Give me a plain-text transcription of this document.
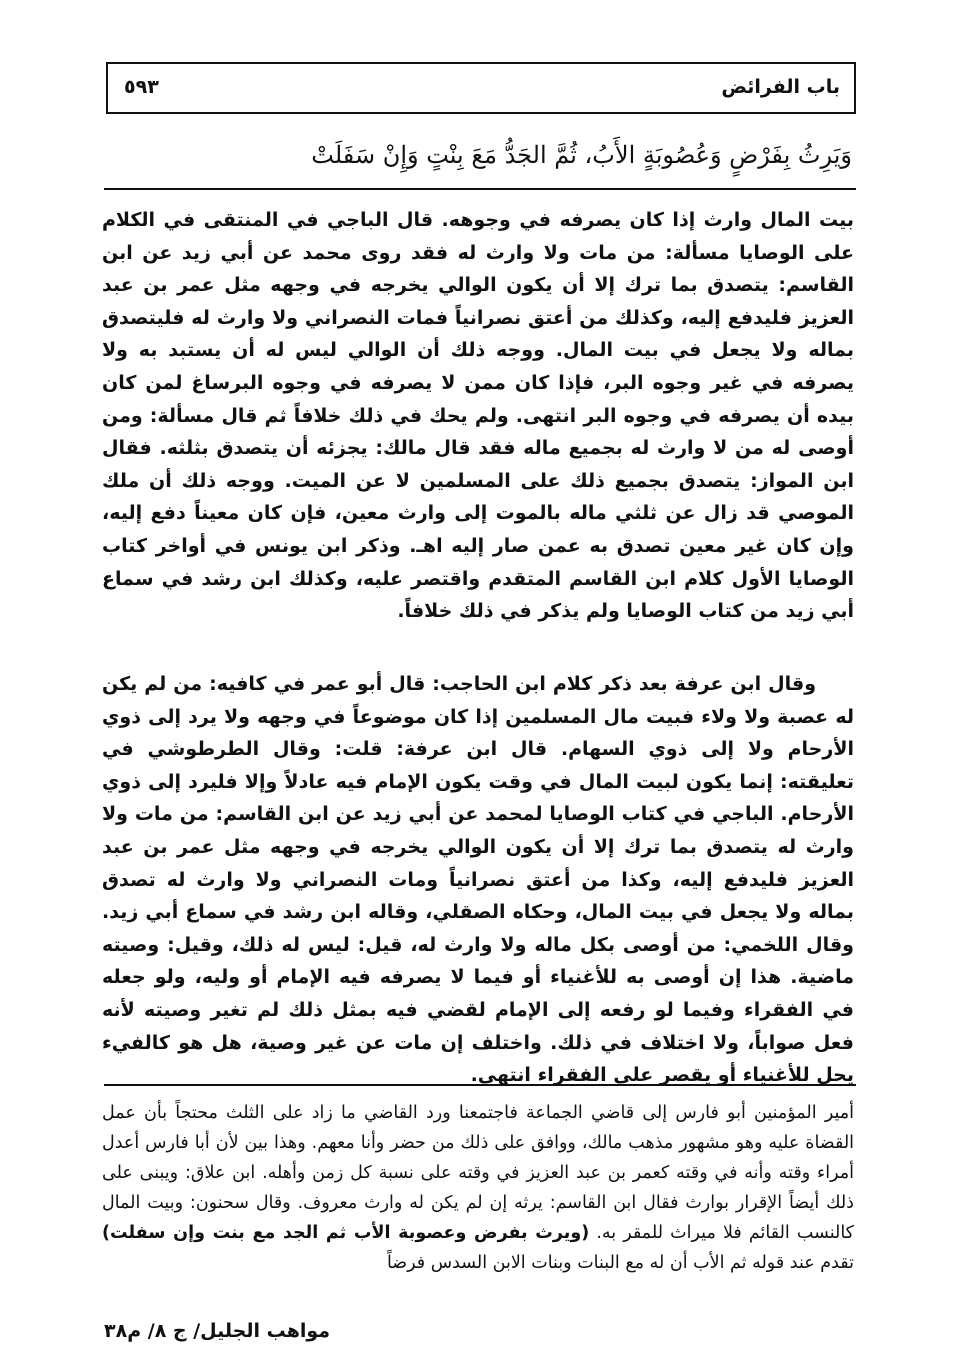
باب الفرائض
٥٩٣
وَيَرِثُ بِفَرْضٍ وَعُصُوبَةٍ الأَبُ، ثُمَّ الجَدُّ مَعَ بِنْتٍ وَإِنْ سَفَلَتْ

بيت المال وارث إذا كان يصرفه في وجوهه. قال الباجي في المنتقى في الكلام على الوصايا مسألة: من مات ولا وارث له فقد روى محمد عن أبي زيد عن ابن القاسم: يتصدق بما ترك إلا أن يكون الوالي يخرجه في وجهه مثل عمر بن عبد العزيز فليدفع إليه، وكذلك من أعتق نصرانياً فمات النصراني ولا وارث له فليتصدق بماله ولا يجعل في بيت المال. ووجه ذلك أن الوالي ليس له أن يستبد به ولا يصرفه في غير وجوه البر، فإذا كان ممن لا يصرفه في وجوه البرساغ لمن كان بيده أن يصرفه في وجوه البر انتهى. ولم يحك في ذلك خلافاً ثم قال مسألة: ومن أوصى له من لا وارث له بجميع ماله فقد قال مالك: يجزئه أن يتصدق بثلثه. فقال ابن المواز: يتصدق بجميع ذلك على المسلمين لا عن الميت. ووجه ذلك أن ملك الموصي قد زال عن ثلثي ماله بالموت إلى وارث معين، فإن كان معيناً دفع إليه، وإن كان غير معين تصدق به عمن صار إليه اهـ. وذكر ابن يونس في أواخر كتاب الوصايا الأول كلام ابن القاسم المتقدم واقتصر عليه، وكذلك ابن رشد في سماع أبي زيد من كتاب الوصايا ولم يذكر في ذلك خلافاً.

وقال ابن عرفة بعد ذكر كلام ابن الحاجب: قال أبو عمر في كافيه: من لم يكن له عصبة ولا ولاء فبيت مال المسلمين إذا كان موضوعاً في وجهه ولا يرد إلى ذوي الأرحام ولا إلى ذوي السهام. قال ابن عرفة: قلت: وقال الطرطوشي في تعليقته: إنما يكون لبيت المال في وقت يكون الإمام فيه عادلاً وإلا فليرد إلى ذوي الأرحام. الباجي في كتاب الوصايا لمحمد عن أبي زيد عن ابن القاسم: من مات ولا وارث له يتصدق بما ترك إلا أن يكون الوالي يخرجه في وجهه مثل عمر بن عبد العزيز فليدفع إليه، وكذا من أعتق نصرانياً ومات النصراني ولا وارث له تصدق بماله ولا يجعل في بيت المال، وحكاه الصقلي، وقاله ابن رشد في سماع أبي زيد. وقال اللخمي: من أوصى بكل ماله ولا وارث له، قيل: ليس له ذلك، وقيل: وصيته ماضية. هذا إن أوصى به للأغنياء أو فيما لا يصرفه فيه الإمام أو وليه، ولو جعله في الفقراء وفيما لو رفعه إلى الإمام لقضي فيه بمثل ذلك لم تغير وصيته لأنه فعل صواباً، ولا اختلاف في ذلك. واختلف إن مات عن غير وصية، هل هو كالفيء يحل للأغنياء أو يقصر على الفقراء انتهى.

أمير المؤمنين أبو فارس إلى قاضي الجماعة فاجتمعنا ورد القاضي ما زاد على الثلث محتجاً بأن عمل القضاة عليه وهو مشهور مذهب مالك، ووافق على ذلك من حضر وأنا معهم. وهذا بين لأن أبا فارس أعدل أمراء وقته وأنه في وقته كعمر بن عبد العزيز في وقته على نسبة كل زمن وأهله. ابن علاق: ويبنى على ذلك أيضاً الإقرار بوارث فقال ابن القاسم: يرثه إن لم يكن له وارث معروف. وقال سحنون: وبيت المال كالنسب القائم فلا ميراث للمقر به. (ويرث بفرض وعصوبة الأب ثم الجد مع بنت وإن سفلت) تقدم عند قوله ثم الأب أن له مع البنات وبنات الابن السدس فرضاً
مواهب الجليل/ ج ٨/ م٣٨
